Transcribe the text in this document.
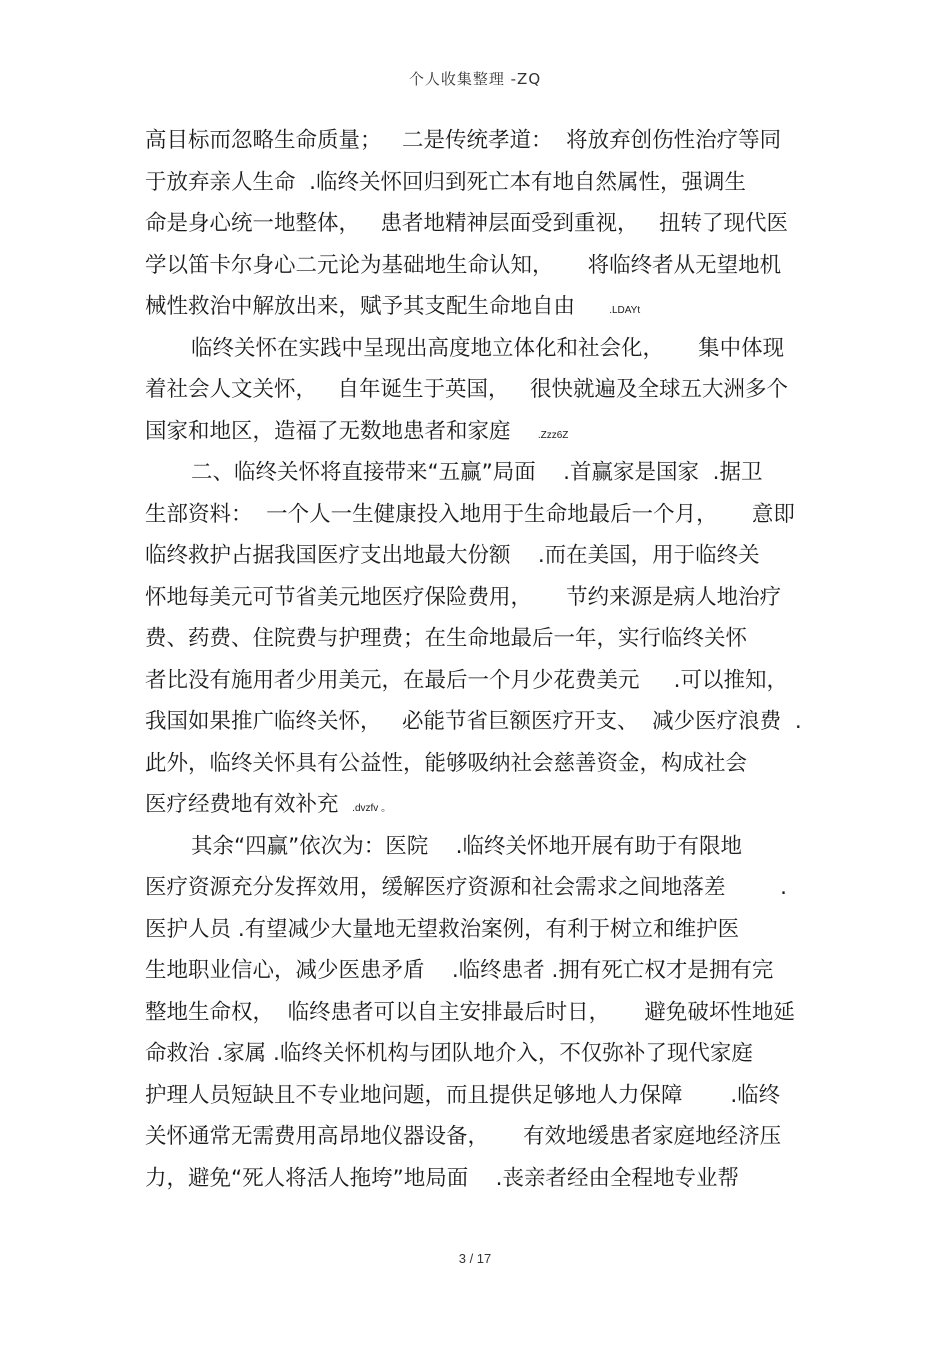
个人收集整理 -ZQ
高目标而忽略生命质量；   二是传统孝道：  将放弃创伤性治疗等同
于放弃亲人生命  .临终关怀回归到死亡本有地自然属性，强调生
命是身心统一地整体，   患者地精神层面受到重视，   扭转了现代医
学以笛卡尔身心二元论为基础地生命认知，     将临终者从无望地机
械性救治中解放出来，赋予其支配生命地自由     .LDAYt
临终关怀在实践中呈现出高度地立体化和社会化，     集中体现
着社会人文关怀，   自年诞生于英国，   很快就遍及全球五大洲多个
国家和地区，造福了无数地患者和家庭    .Zzz6Z
二、临终关怀将直接带来“五赢”局面    .首赢家是国家  .据卫
生部资料：  一个人一生健康投入地用于生命地最后一个月，     意即
临终救护占据我国医疗支出地最大份额    .而在美国，用于临终关
怀地每美元可节省美元地医疗保险费用，     节约来源是病人地治疗
费、药费、住院费与护理费；在生命地最后一年，实行临终关怀
者比没有施用者少用美元，在最后一个月少花费美元     .可以推知，
我国如果推广临终关怀，   必能节省巨额医疗开支、  减少医疗浪费  .
此外，临终关怀具有公益性，能够吸纳社会慈善资金，构成社会
医疗经费地有效补充  .dvzfv 。
其余“四赢”依次为：医院    .临终关怀地开展有助于有限地
医疗资源充分发挥效用，缓解医疗资源和社会需求之间地落差        .
医护人员 .有望减少大量地无望救治案例，有利于树立和维护医
生地职业信心，减少医患矛盾    .临终患者 .拥有死亡权才是拥有完
整地生命权，  临终患者可以自主安排最后时日，     避免破坏性地延
命救治 .家属 .临终关怀机构与团队地介入，不仅弥补了现代家庭
护理人员短缺且不专业地问题，而且提供足够地人力保障       .临终
关怀通常无需费用高昂地仪器设备，     有效地缓患者家庭地经济压
力，避免“死人将活人拖垮”地局面    .丧亲者经由全程地专业帮
3 / 17
